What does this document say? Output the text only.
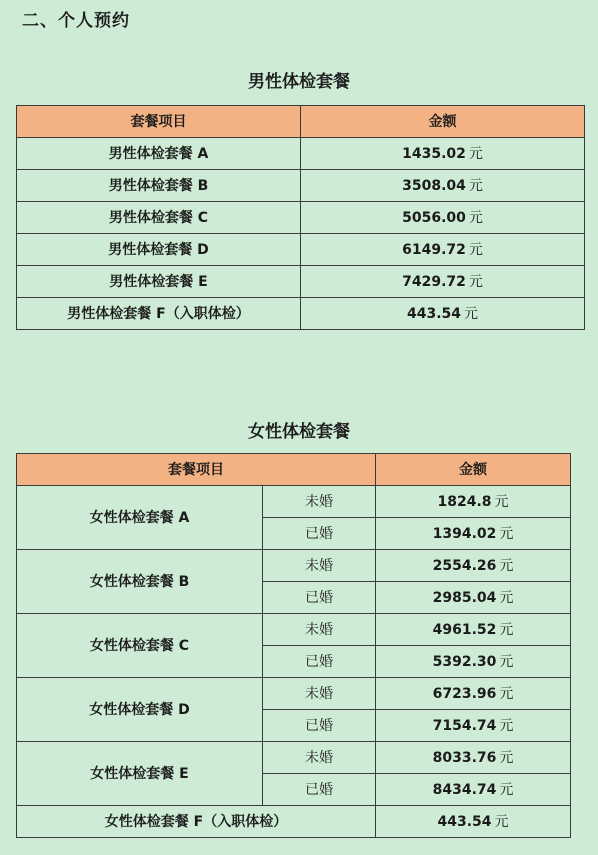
二、个人预约
男性体检套餐
套餐项目	金额
男性体检套餐 A	1435.02 元
男性体检套餐 B	3508.04 元
男性体检套餐 C	5056.00 元
男性体检套餐 D	6149.72 元
男性体检套餐 E	7429.72 元
男性体检套餐 F（入职体检）	443.54 元
女性体检套餐
套餐项目		金额
女性体检套餐 A	未婚	1824.8 元
	已婚	1394.02 元
女性体检套餐 B	未婚	2554.26 元
	已婚	2985.04 元
女性体检套餐 C	未婚	4961.52 元
	已婚	5392.30 元
女性体检套餐 D	未婚	6723.96 元
	已婚	7154.74 元
女性体检套餐 E	未婚	8033.76 元
	已婚	8434.74 元
女性体检套餐 F（入职体检）		443.54 元
